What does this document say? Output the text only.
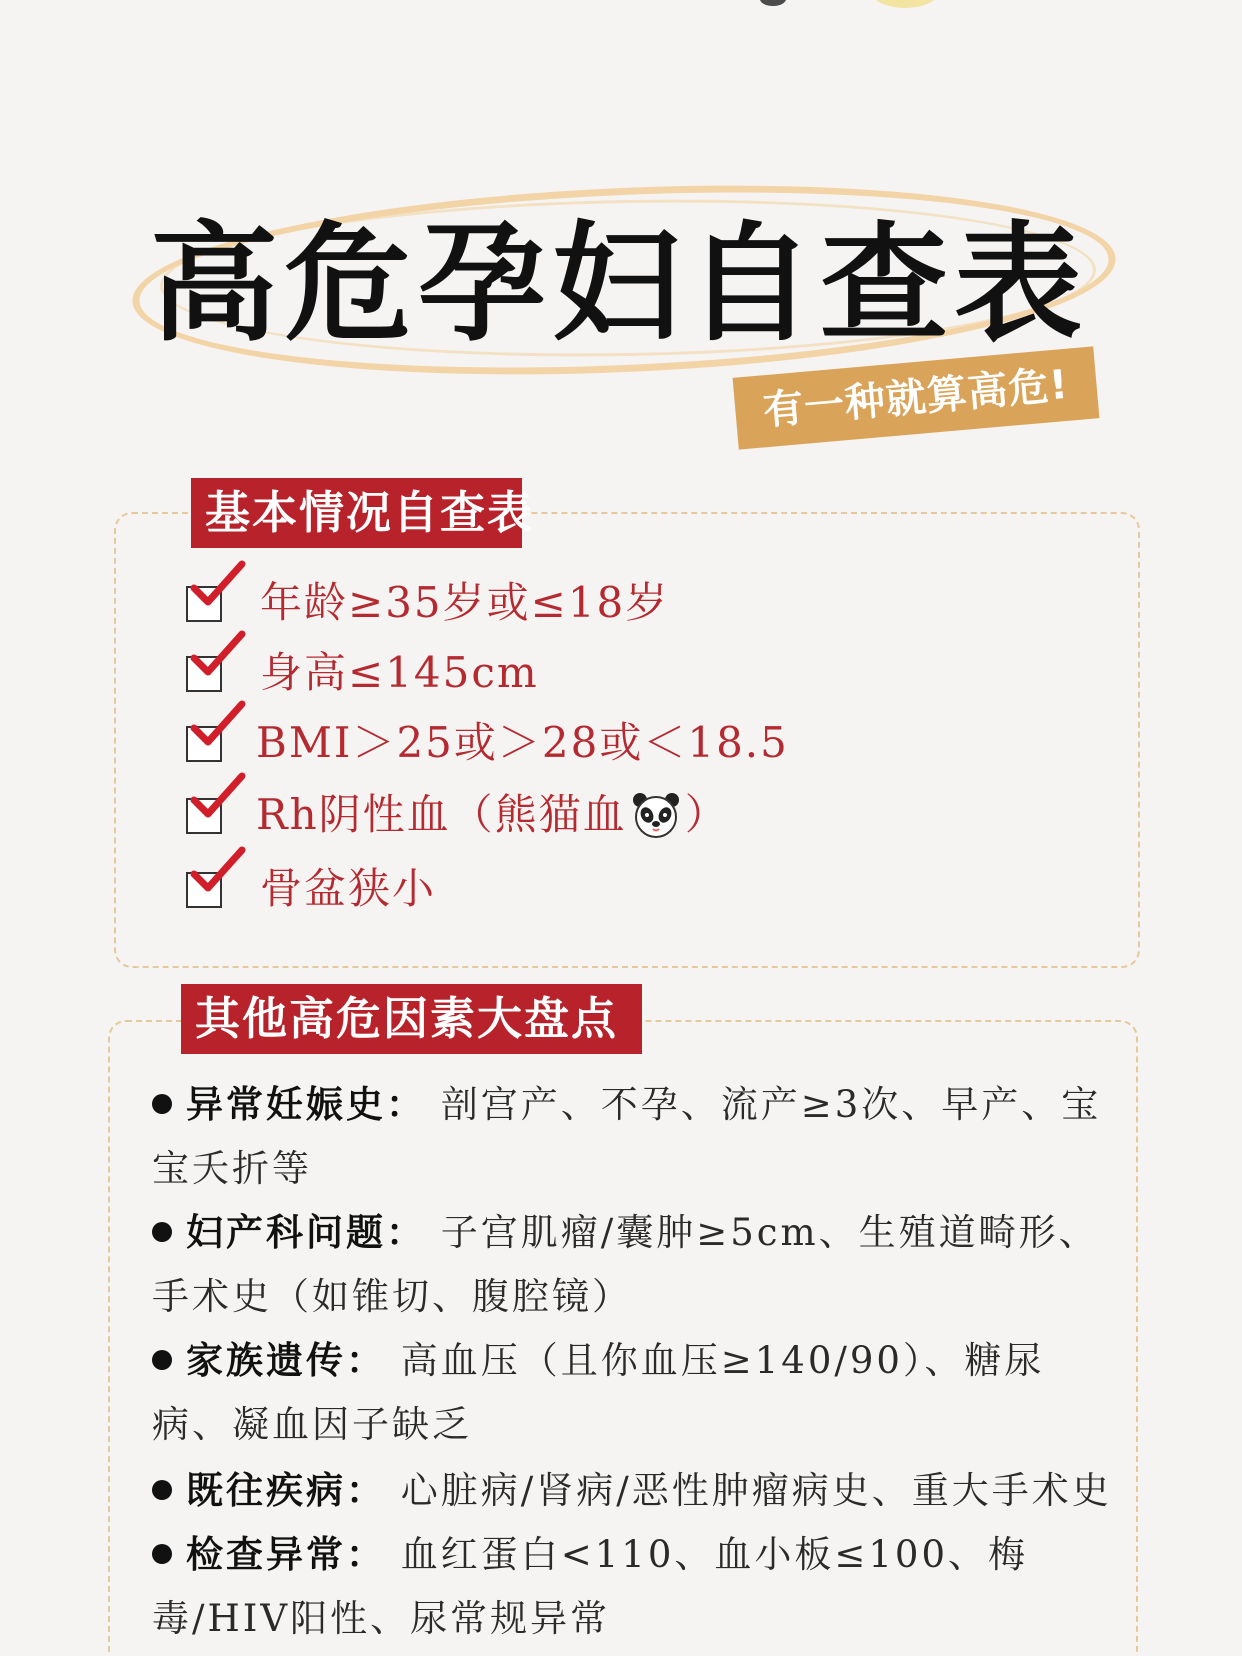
高危孕妇自查表
有一种就算高危!
基本情况自查表
年龄≥35岁或≤18岁
身高≤145cm
BMI＞25或＞28或＜18.5
Rh阴性血（熊猫血 ）
骨盆狭小
其他高危因素大盘点
异常妊娠史： 剖宫产、不孕、流产≥3次、早产、宝宝夭折等
妇产科问题： 子宫肌瘤/囊肿≥5cm、生殖道畸形、手术史（如锥切、腹腔镜）
家族遗传： 高血压（且你血压≥140/90）、糖尿病、凝血因子缺乏
既往疾病： 心脏病/肾病/恶性肿瘤病史、重大手术史
检查异常： 血红蛋白<110、血小板≤100、梅毒/HIV阳性、尿常规异常
